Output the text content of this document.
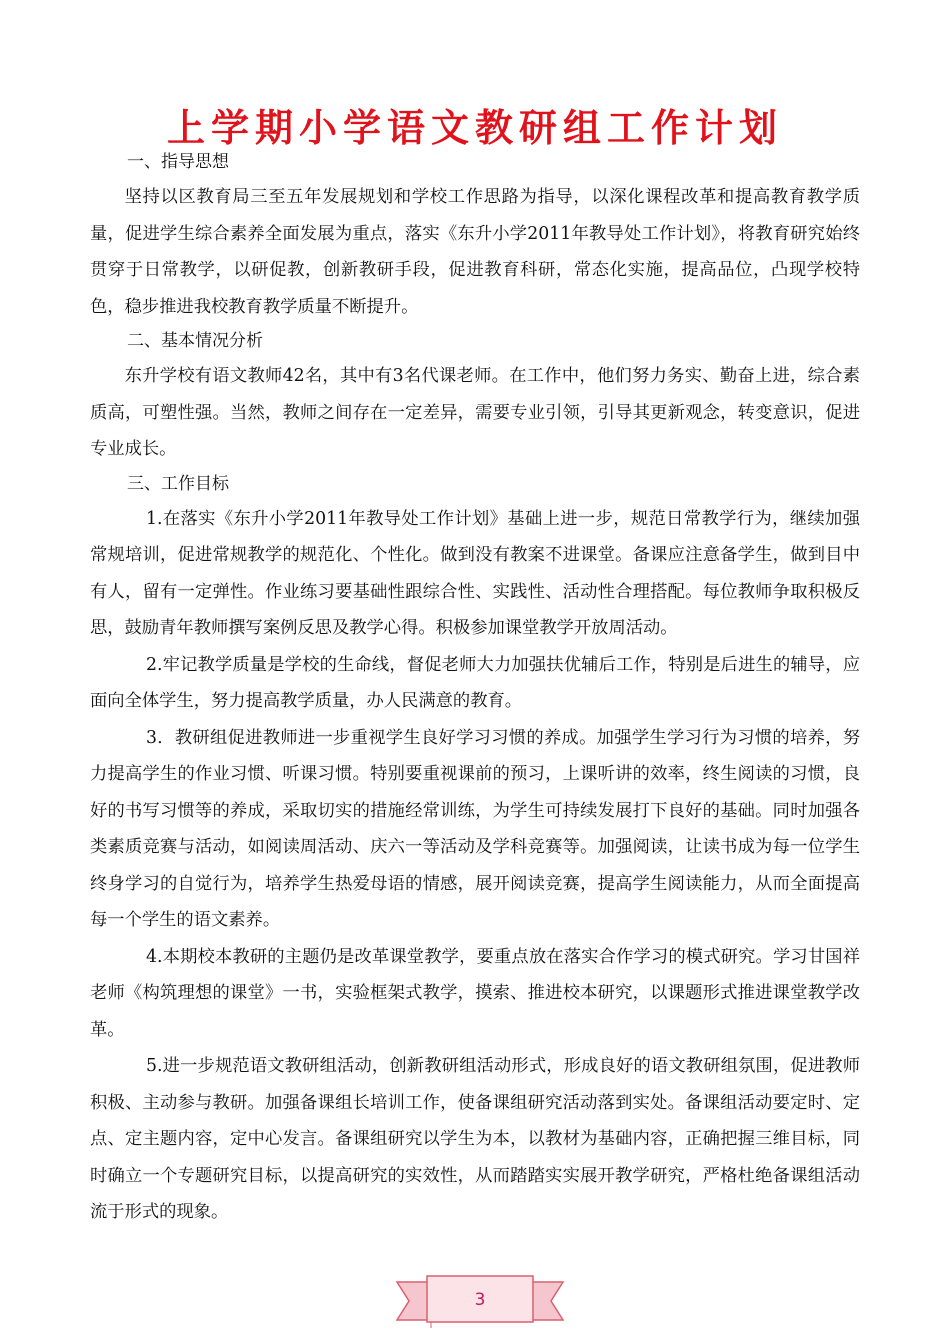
上学期小学语文教研组工作计划
一、指导思想
坚持以区教育局三至五年发展规划和学校工作思路为指导，以深化课程改革和提高教育教学质量，促进学生综合素养全面发展为重点，落实《东升小学2011年教导处工作计划》，将教育研究始终贯穿于日常教学，以研促教，创新教研手段，促进教育科研，常态化实施，提高品位，凸现学校特色，稳步推进我校教育教学质量不断提升。
二、基本情况分析
东升学校有语文教师42名，其中有3名代课老师。在工作中，他们努力务实、勤奋上进，综合素质高，可塑性强。当然，教师之间存在一定差异，需要专业引领，引导其更新观念，转变意识，促进专业成长。
三、工作目标
1.在落实《东升小学2011年教导处工作计划》基础上进一步，规范日常教学行为，继续加强常规培训，促进常规教学的规范化、个性化。做到没有教案不进课堂。备课应注意备学生，做到目中有人，留有一定弹性。作业练习要基础性跟综合性、实践性、活动性合理搭配。每位教师争取积极反思，鼓励青年教师撰写案例反思及教学心得。积极参加课堂教学开放周活动。
2.牢记教学质量是学校的生命线，督促老师大力加强扶优辅后工作，特别是后进生的辅导，应面向全体学生，努力提高教学质量，办人民满意的教育。
3．教研组促进教师进一步重视学生良好学习习惯的养成。加强学生学习行为习惯的培养，努力提高学生的作业习惯、听课习惯。特别要重视课前的预习，上课听讲的效率，终生阅读的习惯，良好的书写习惯等的养成，采取切实的措施经常训练，为学生可持续发展打下良好的基础。同时加强各类素质竞赛与活动，如阅读周活动、庆六一等活动及学科竞赛等。加强阅读，让读书成为每一位学生终身学习的自觉行为，培养学生热爱母语的情感，展开阅读竞赛，提高学生阅读能力，从而全面提高每一个学生的语文素养。
4.本期校本教研的主题仍是改革课堂教学，要重点放在落实合作学习的模式研究。学习甘国祥老师《构筑理想的课堂》一书，实验框架式教学，摸索、推进校本研究，以课题形式推进课堂教学改革。
5.进一步规范语文教研组活动，创新教研组活动形式，形成良好的语文教研组氛围，促进教师积极、主动参与教研。加强备课组长培训工作，使备课组研究活动落到实处。备课组活动要定时、定点、定主题内容，定中心发言。备课组研究以学生为本，以教材为基础内容，正确把握三维目标，同时确立一个专题研究目标，以提高研究的实效性，从而踏踏实实展开教学研究，严格杜绝备课组活动流于形式的现象。
3
